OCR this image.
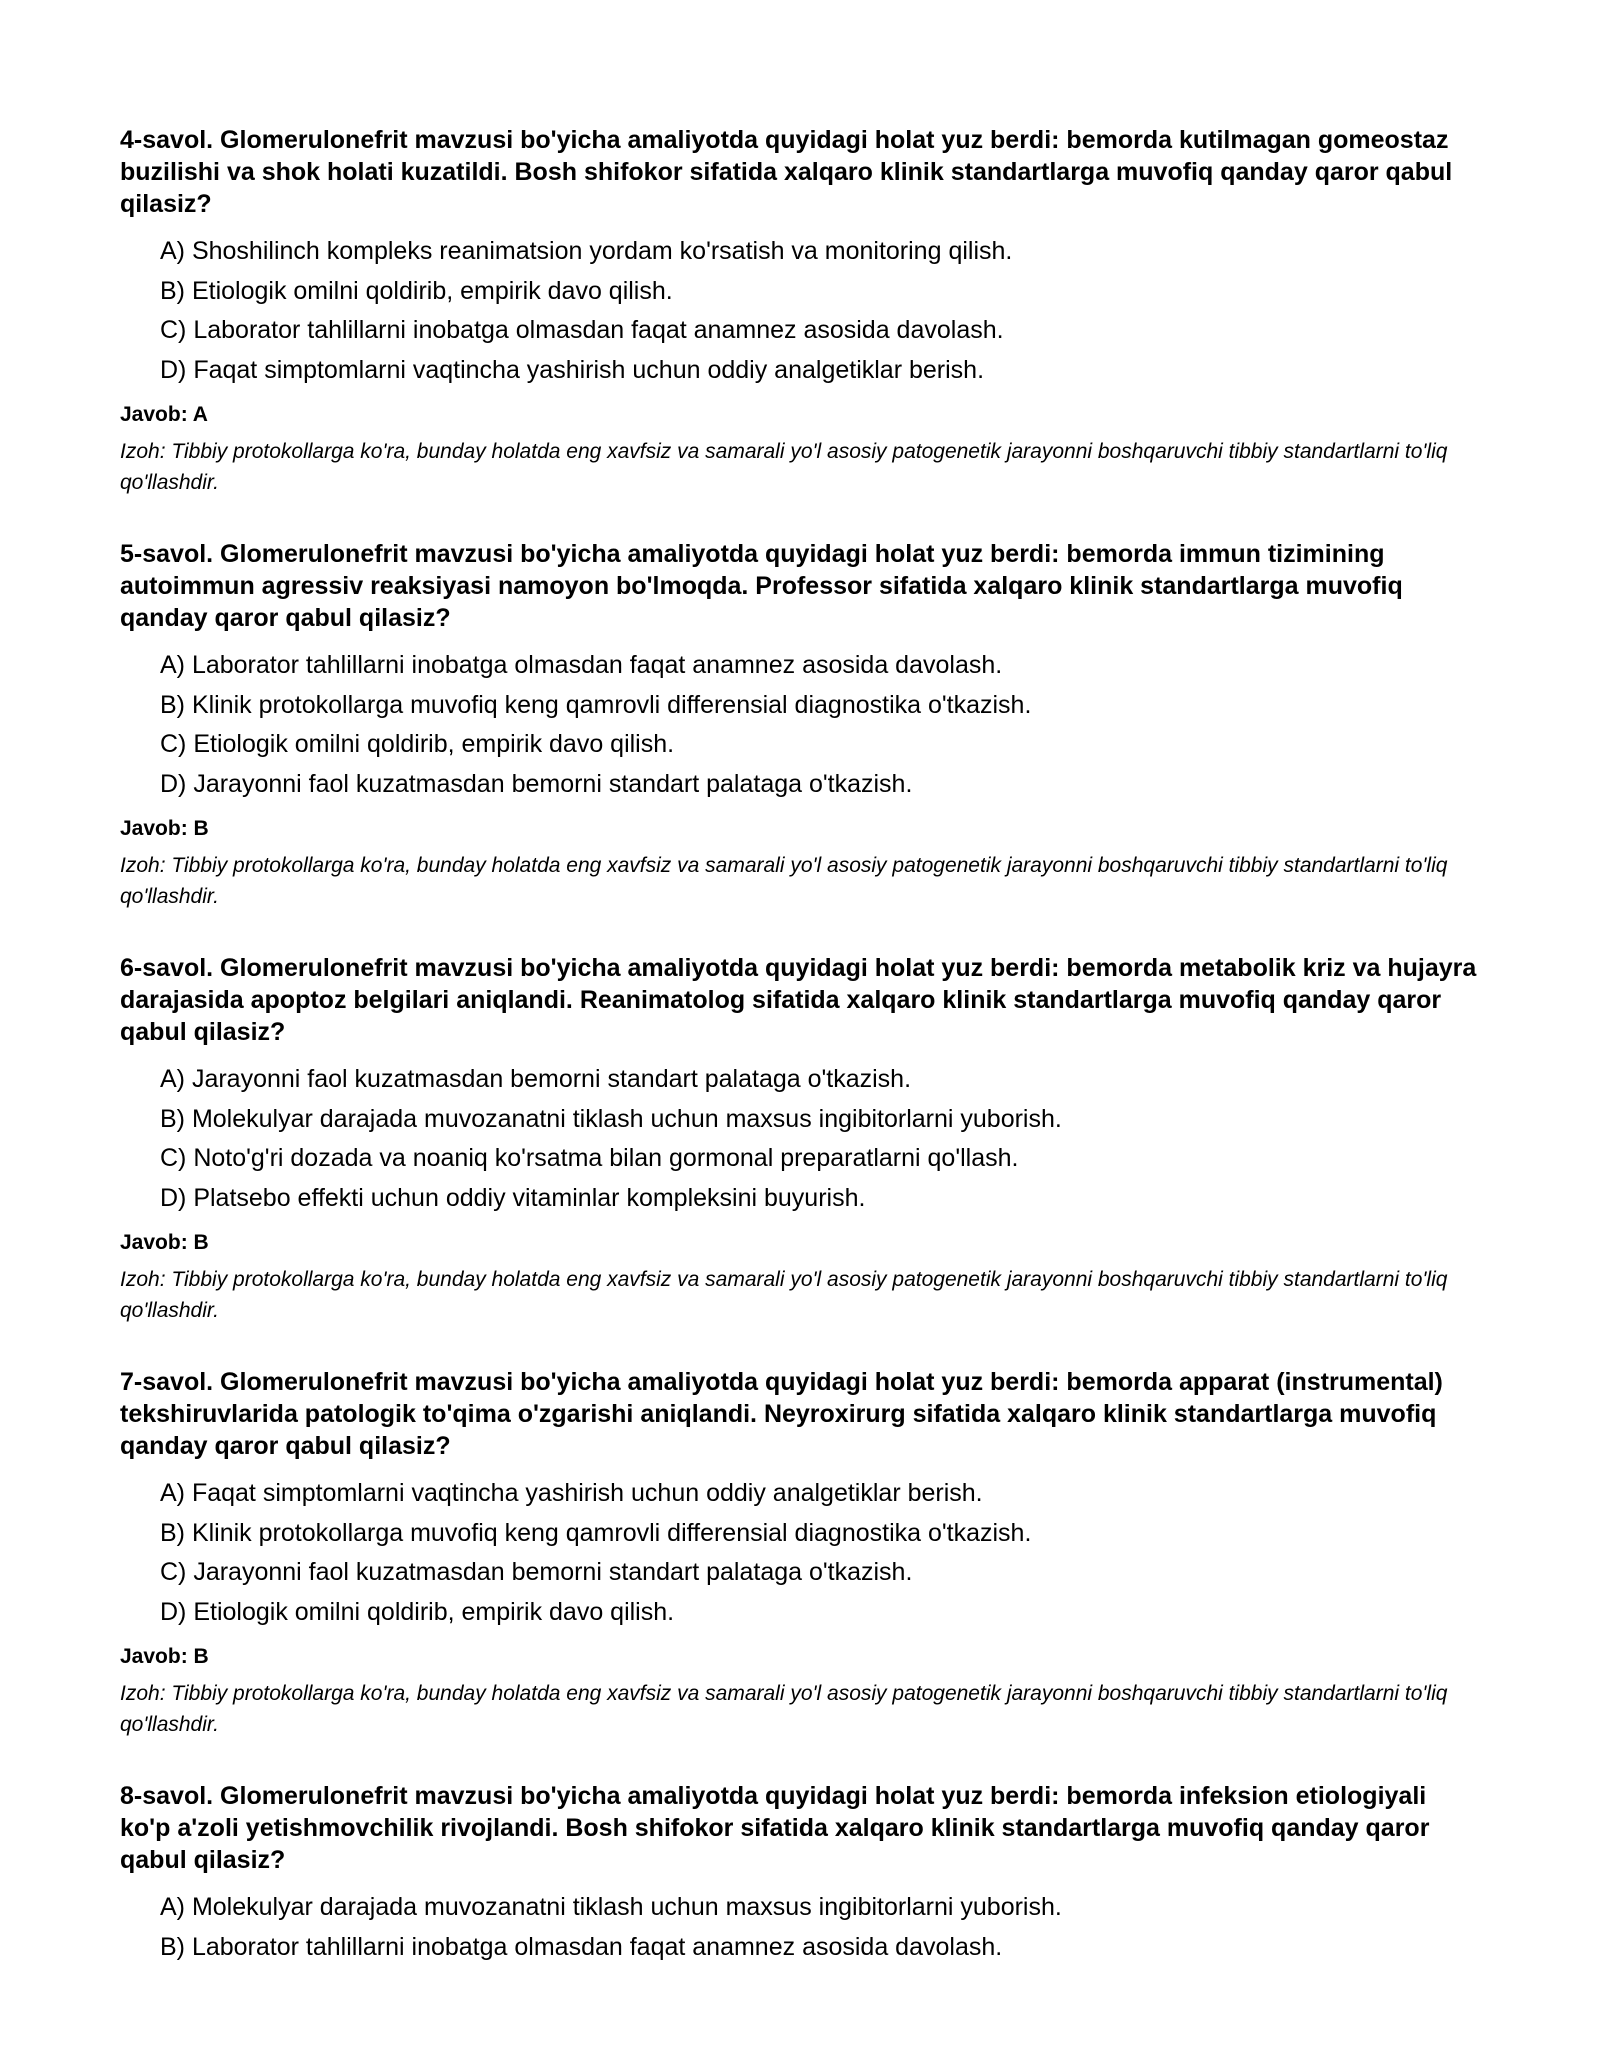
4-savol. Glomerulonefrit mavzusi bo'yicha amaliyotda quyidagi holat yuz berdi: bemorda kutilmagan gomeostaz buzilishi va shok holati kuzatildi. Bosh shifokor sifatida xalqaro klinik standartlarga muvofiq qanday qaror qabul qilasiz?

A) Shoshilinch kompleks reanimatsion yordam ko'rsatish va monitoring qilish.
B) Etiologik omilni qoldirib, empirik davo qilish.
C) Laborator tahlillarni inobatga olmasdan faqat anamnez asosida davolash.
D) Faqat simptomlarni vaqtincha yashirish uchun oddiy analgetiklar berish.

Javob: A

Izoh: Tibbiy protokollarga ko'ra, bunday holatda eng xavfsiz va samarali yo'l asosiy patogenetik jarayonni boshqaruvchi tibbiy standartlarni to'liq qo'llashdir.

5-savol. Glomerulonefrit mavzusi bo'yicha amaliyotda quyidagi holat yuz berdi: bemorda immun tizimining autoimmun agressiv reaksiyasi namoyon bo'lmoqda. Professor sifatida xalqaro klinik standartlarga muvofiq qanday qaror qabul qilasiz?

A) Laborator tahlillarni inobatga olmasdan faqat anamnez asosida davolash.
B) Klinik protokollarga muvofiq keng qamrovli differensial diagnostika o'tkazish.
C) Etiologik omilni qoldirib, empirik davo qilish.
D) Jarayonni faol kuzatmasdan bemorni standart palataga o'tkazish.

Javob: B

Izoh: Tibbiy protokollarga ko'ra, bunday holatda eng xavfsiz va samarali yo'l asosiy patogenetik jarayonni boshqaruvchi tibbiy standartlarni to'liq qo'llashdir.

6-savol. Glomerulonefrit mavzusi bo'yicha amaliyotda quyidagi holat yuz berdi: bemorda metabolik kriz va hujayra darajasida apoptoz belgilari aniqlandi. Reanimatolog sifatida xalqaro klinik standartlarga muvofiq qanday qaror qabul qilasiz?

A) Jarayonni faol kuzatmasdan bemorni standart palataga o'tkazish.
B) Molekulyar darajada muvozanatni tiklash uchun maxsus ingibitorlarni yuborish.
C) Noto'g'ri dozada va noaniq ko'rsatma bilan gormonal preparatlarni qo'llash.
D) Platsebo effekti uchun oddiy vitaminlar kompleksini buyurish.

Javob: B

Izoh: Tibbiy protokollarga ko'ra, bunday holatda eng xavfsiz va samarali yo'l asosiy patogenetik jarayonni boshqaruvchi tibbiy standartlarni to'liq qo'llashdir.

7-savol. Glomerulonefrit mavzusi bo'yicha amaliyotda quyidagi holat yuz berdi: bemorda apparat (instrumental) tekshiruvlarida patologik to'qima o'zgarishi aniqlandi. Neyroxirurg sifatida xalqaro klinik standartlarga muvofiq qanday qaror qabul qilasiz?

A) Faqat simptomlarni vaqtincha yashirish uchun oddiy analgetiklar berish.
B) Klinik protokollarga muvofiq keng qamrovli differensial diagnostika o'tkazish.
C) Jarayonni faol kuzatmasdan bemorni standart palataga o'tkazish.
D) Etiologik omilni qoldirib, empirik davo qilish.

Javob: B

Izoh: Tibbiy protokollarga ko'ra, bunday holatda eng xavfsiz va samarali yo'l asosiy patogenetik jarayonni boshqaruvchi tibbiy standartlarni to'liq qo'llashdir.

8-savol. Glomerulonefrit mavzusi bo'yicha amaliyotda quyidagi holat yuz berdi: bemorda infeksion etiologiyali ko'p a'zoli yetishmovchilik rivojlandi. Bosh shifokor sifatida xalqaro klinik standartlarga muvofiq qanday qaror qabul qilasiz?

A) Molekulyar darajada muvozanatni tiklash uchun maxsus ingibitorlarni yuborish.
B) Laborator tahlillarni inobatga olmasdan faqat anamnez asosida davolash.
